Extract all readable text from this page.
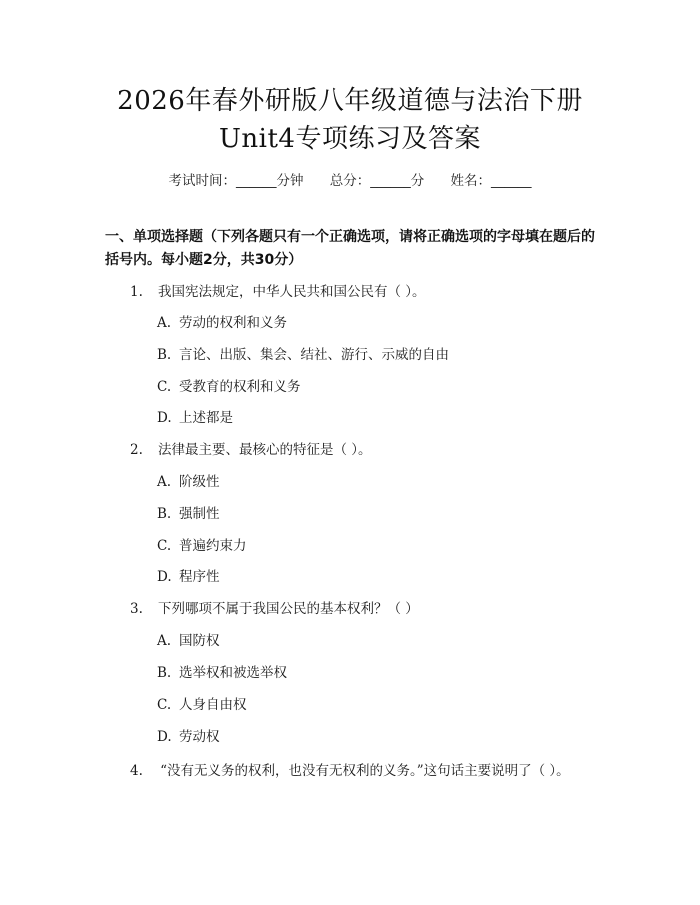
2026年春外研版八年级道德与法治下册
Unit4专项练习及答案
考试时间：______分钟 总分：______分 姓名：______
一、单项选择题（下列各题只有一个正确选项，请将正确选项的字母填在题后的括号内。每小题2分，共30分）
1. 我国宪法规定，中华人民共和国公民有（ ）。
A. 劳动的权利和义务
B. 言论、出版、集会、结社、游行、示威的自由
C. 受教育的权利和义务
D. 上述都是
2. 法律最主要、最核心的特征是（ ）。
A. 阶级性
B. 强制性
C. 普遍约束力
D. 程序性
3. 下列哪项不属于我国公民的基本权利？（ ）
A. 国防权
B. 选举权和被选举权
C. 人身自由权
D. 劳动权
4. “没有无义务的权利，也没有无权利的义务。”这句话主要说明了（ ）。
